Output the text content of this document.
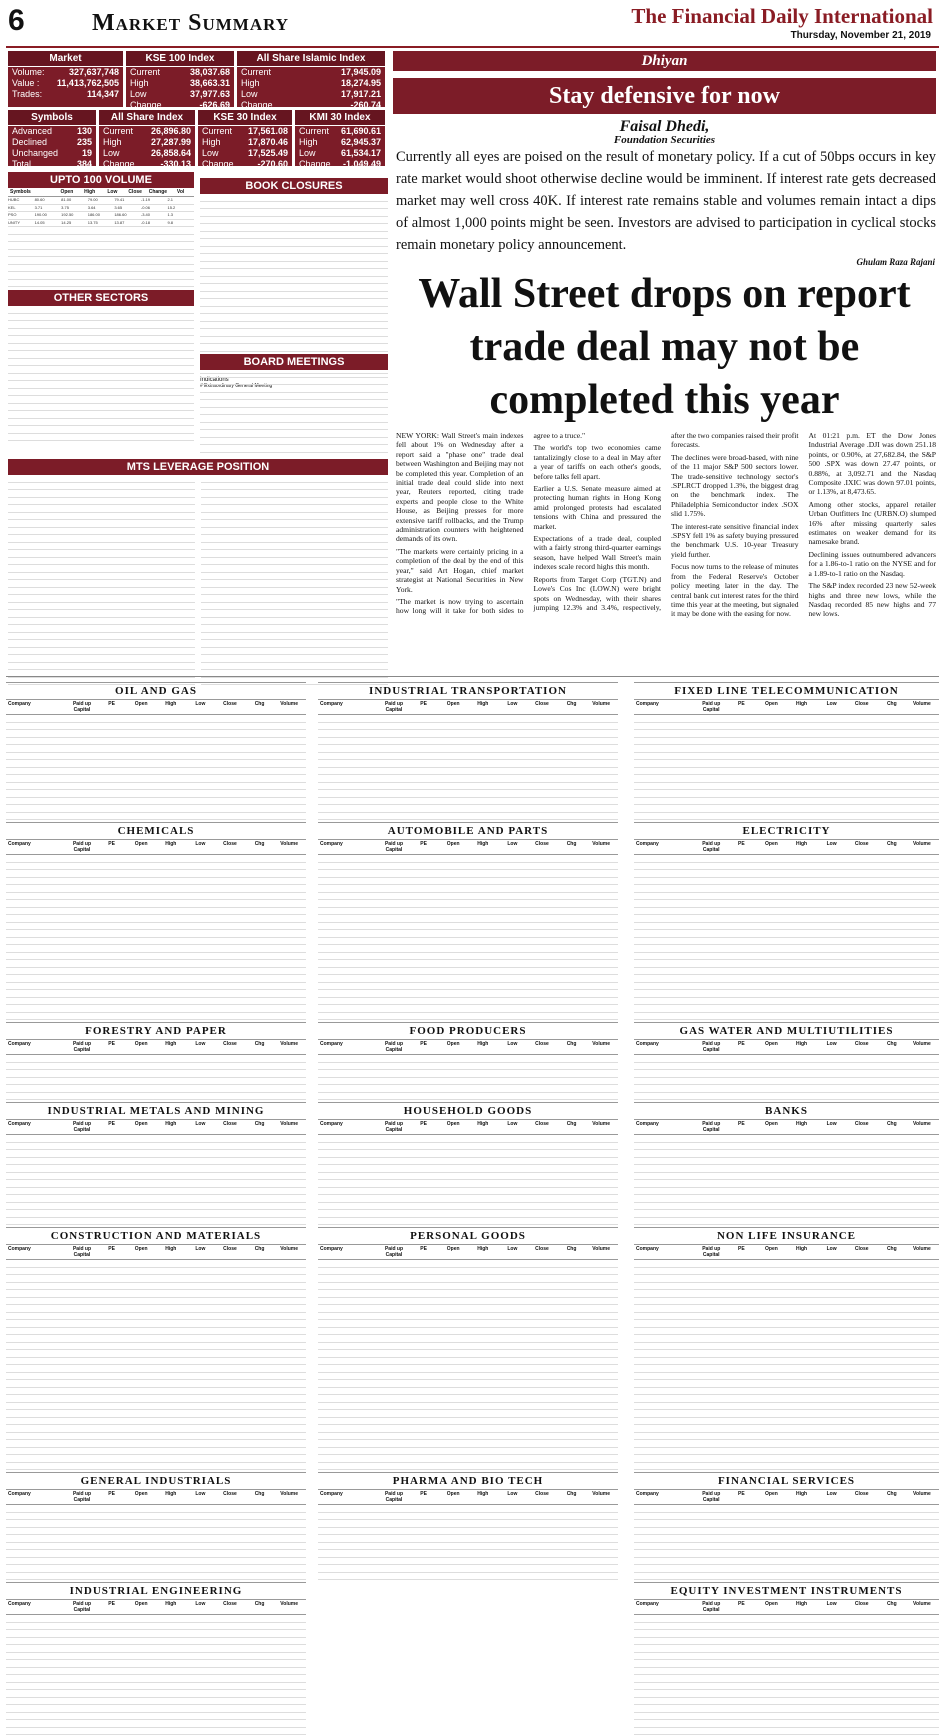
6	Market Summary	The Financial Daily International
Thursday, November 21, 2019
Market
Volume:	327,637,748
Value : 11,413,762,505
Trades:	114,347
KSE 100 Index
Current	38,037.68
High	38,663.31
Low	37,977.63
Change	-626.69
All Share Islamic Index
Current	17,945.09
High	18,274.95
Low	17,917.21
Change	-260.74
Symbols
Advanced	130
Declined	235
Unchanged	19
Total	384
All Share Index
Current 26,896.80
High	27,287.99
Low	26,858.64
Change	-330.13
KSE 30 Index
Current 17,561.08
High	17,870.46
Low	17,525.49
Change	-270.60
KMI 30 Index
Current 61,690.61
High	62,945.37
Low	61,534.17
Change -1,049.49
UPTO 100 VOLUME
Symbols	Open	High	Low	Close	Change	Vol
HUBC	80.60	81.00	79.00	79.41	-1.19	2.1
KEL	3.71	3.75	3.64	3.65	-0.06	15.2
PSO	190.00	192.50	186.00	186.60	-3.40	1.3
UNITY	14.05	14.25	13.75	13.87	-0.18	9.8
OTHER SECTORS
BOOK CLOSURES
Indications
# Extraordinary General Meeting
BOARD MEETINGS
MTS LEVERAGE POSITION
Dhiyan
Stay defensive for now
Faisal Dhedi,
Foundation Securities
Currently all eyes are poised on the result of monetary policy. If a cut of 50bps occurs in key rate market would shoot otherwise decline would be imminent. If interest rate gets decreased market may well cross 40K. If interest rate remains stable and volumes remain intact a dips of almost 1,000 points might be seen. Investors are advised to participation in cyclical stocks remain monetary policy announcement.
Ghulam Raza Rajani
Wall Street drops on report trade deal may not be completed this year

NEW YORK: Wall Street's main indexes fell about 1% on Wednesday after a report said a "phase one" trade deal between Washington and Beijing may not be completed this year. Completion of an initial trade deal could slide into next year, Reuters reported, citing trade experts and people close to the White House, as Beijing presses for more extensive tariff rollbacks, and the Trump administration counters with heightened demands of its own.

"The markets were certainly pricing in a completion of the deal by the end of this year," said Art Hogan, chief market strategist at National Securities in New York.

"The market is now trying to ascertain how long will it take for both sides to agree to a truce."

The world's top two economies came tantalizingly close to a deal in May after a year of tariffs on each other's goods, before talks fell apart.

Earlier a U.S. Senate measure aimed at protecting human rights in Hong Kong amid prolonged protests had escalated tensions with China and pressured the market.

Expectations of a trade deal, coupled with a fairly strong third-quarter earnings season, have helped Wall Street's main indexes scale record highs this month.

Reports from Target Corp (TGT.N) and Lowe's Cos Inc (LOW.N) were bright spots on Wednesday, with their shares jumping 12.3% and 3.4%, respectively, after the two companies raised their profit forecasts.

The declines were broad-based, with nine of the 11 major S&P 500 sectors lower. The trade-sensitive technology sector's .SPLRCT dropped 1.3%, the biggest drag on the benchmark index. The Philadelphia Semiconductor index .SOX slid 1.75%.

The interest-rate sensitive financial index .SPSY fell 1% as safety buying pressured the benchmark U.S. 10-year Treasury yield further.

Focus now turns to the release of minutes from the Federal Reserve's October policy meeting later in the day. The central bank cut interest rates for the third time this year at the meeting, but signaled it may be done with the easing for now.

At 01:21 p.m. ET the Dow Jones Industrial Average .DJI was down 251.18 points, or 0.90%, at 27,682.84, the S&P 500 .SPX was down 27.47 points, or 0.88%, at 3,092.71 and the Nasdaq Composite .IXIC was down 97.01 points, or 1.13%, at 8,473.65.

Among other stocks, apparel retailer Urban Outfitters Inc (URBN.O) slumped 16% after missing quarterly sales estimates on weaker demand for its namesake brand.

Declining issues outnumbered advancers for a 1.86-to-1 ratio on the NYSE and for a 1.89-to-1 ratio on the Nasdaq.

The S&P index recorded 23 new 52-week highs and three new lows, while the Nasdaq recorded 85 new highs and 77 new lows.

OIL AND GAS
Company	Paid up Capital
PE	Open	High	Low	Close	Chg	Volume
CHEMICALS
Company	Paid up Capital
PE	Open	High	Low	Close	Chg	Volume
FORESTRY AND PAPER
Company	Paid up Capital
PE	Open	High	Low	Close	Chg	Volume
INDUSTRIAL METALS AND MINING
Company	Paid up Capital
PE	Open	High	Low	Close	Chg	Volume
CONSTRUCTION AND MATERIALS
Company	Paid up Capital
PE	Open	High	Low	Close	Chg	Volume
GENERAL INDUSTRIALS
Company	Paid up Capital
PE	Open	High	Low	Close	Chg	Volume
INDUSTRIAL ENGINEERING
Company	Paid up Capital
PE	Open	High	Low	Close	Chg	Volume
INDUSTRIAL TRANSPORTATION
Company	Paid up Capital
PE	Open	High	Low	Close	Chg	Volume
AUTOMOBILE AND PARTS
Company	Paid up Capital
PE	Open	High	Low	Close	Chg	Volume
FOOD PRODUCERS
Company	Paid up Capital
PE	Open	High	Low	Close	Chg	Volume
HOUSEHOLD GOODS
Company	Paid up Capital
PE	Open	High	Low	Close	Chg	Volume
PERSONAL GOODS
Company	Paid up Capital
PE	Open	High	Low	Close	Chg	Volume
PHARMA AND BIO TECH
Company	Paid up Capital
PE	Open	High	Low	Close	Chg	Volume
FIXED LINE TELECOMMUNICATION
Company	Paid up Capital
PE	Open	High	Low	Close	Chg	Volume
ELECTRICITY
Company	Paid up Capital
PE	Open	High	Low	Close	Chg	Volume
GAS WATER AND MULTIUTILITIES
Company	Paid up Capital
PE	Open	High	Low	Close	Chg	Volume
BANKS
Company	Paid up Capital
PE	Open	High	Low	Close	Chg	Volume
NON LIFE INSURANCE
Company	Paid up Capital
PE	Open	High	Low	Close	Chg	Volume
FINANCIAL SERVICES
Company	Paid up Capital
PE	Open	High	Low	Close	Chg	Volume
EQUITY INVESTMENT INSTRUMENTS
Company	Paid up Capital
PE	Open	High	Low	Close	Chg	Volume
